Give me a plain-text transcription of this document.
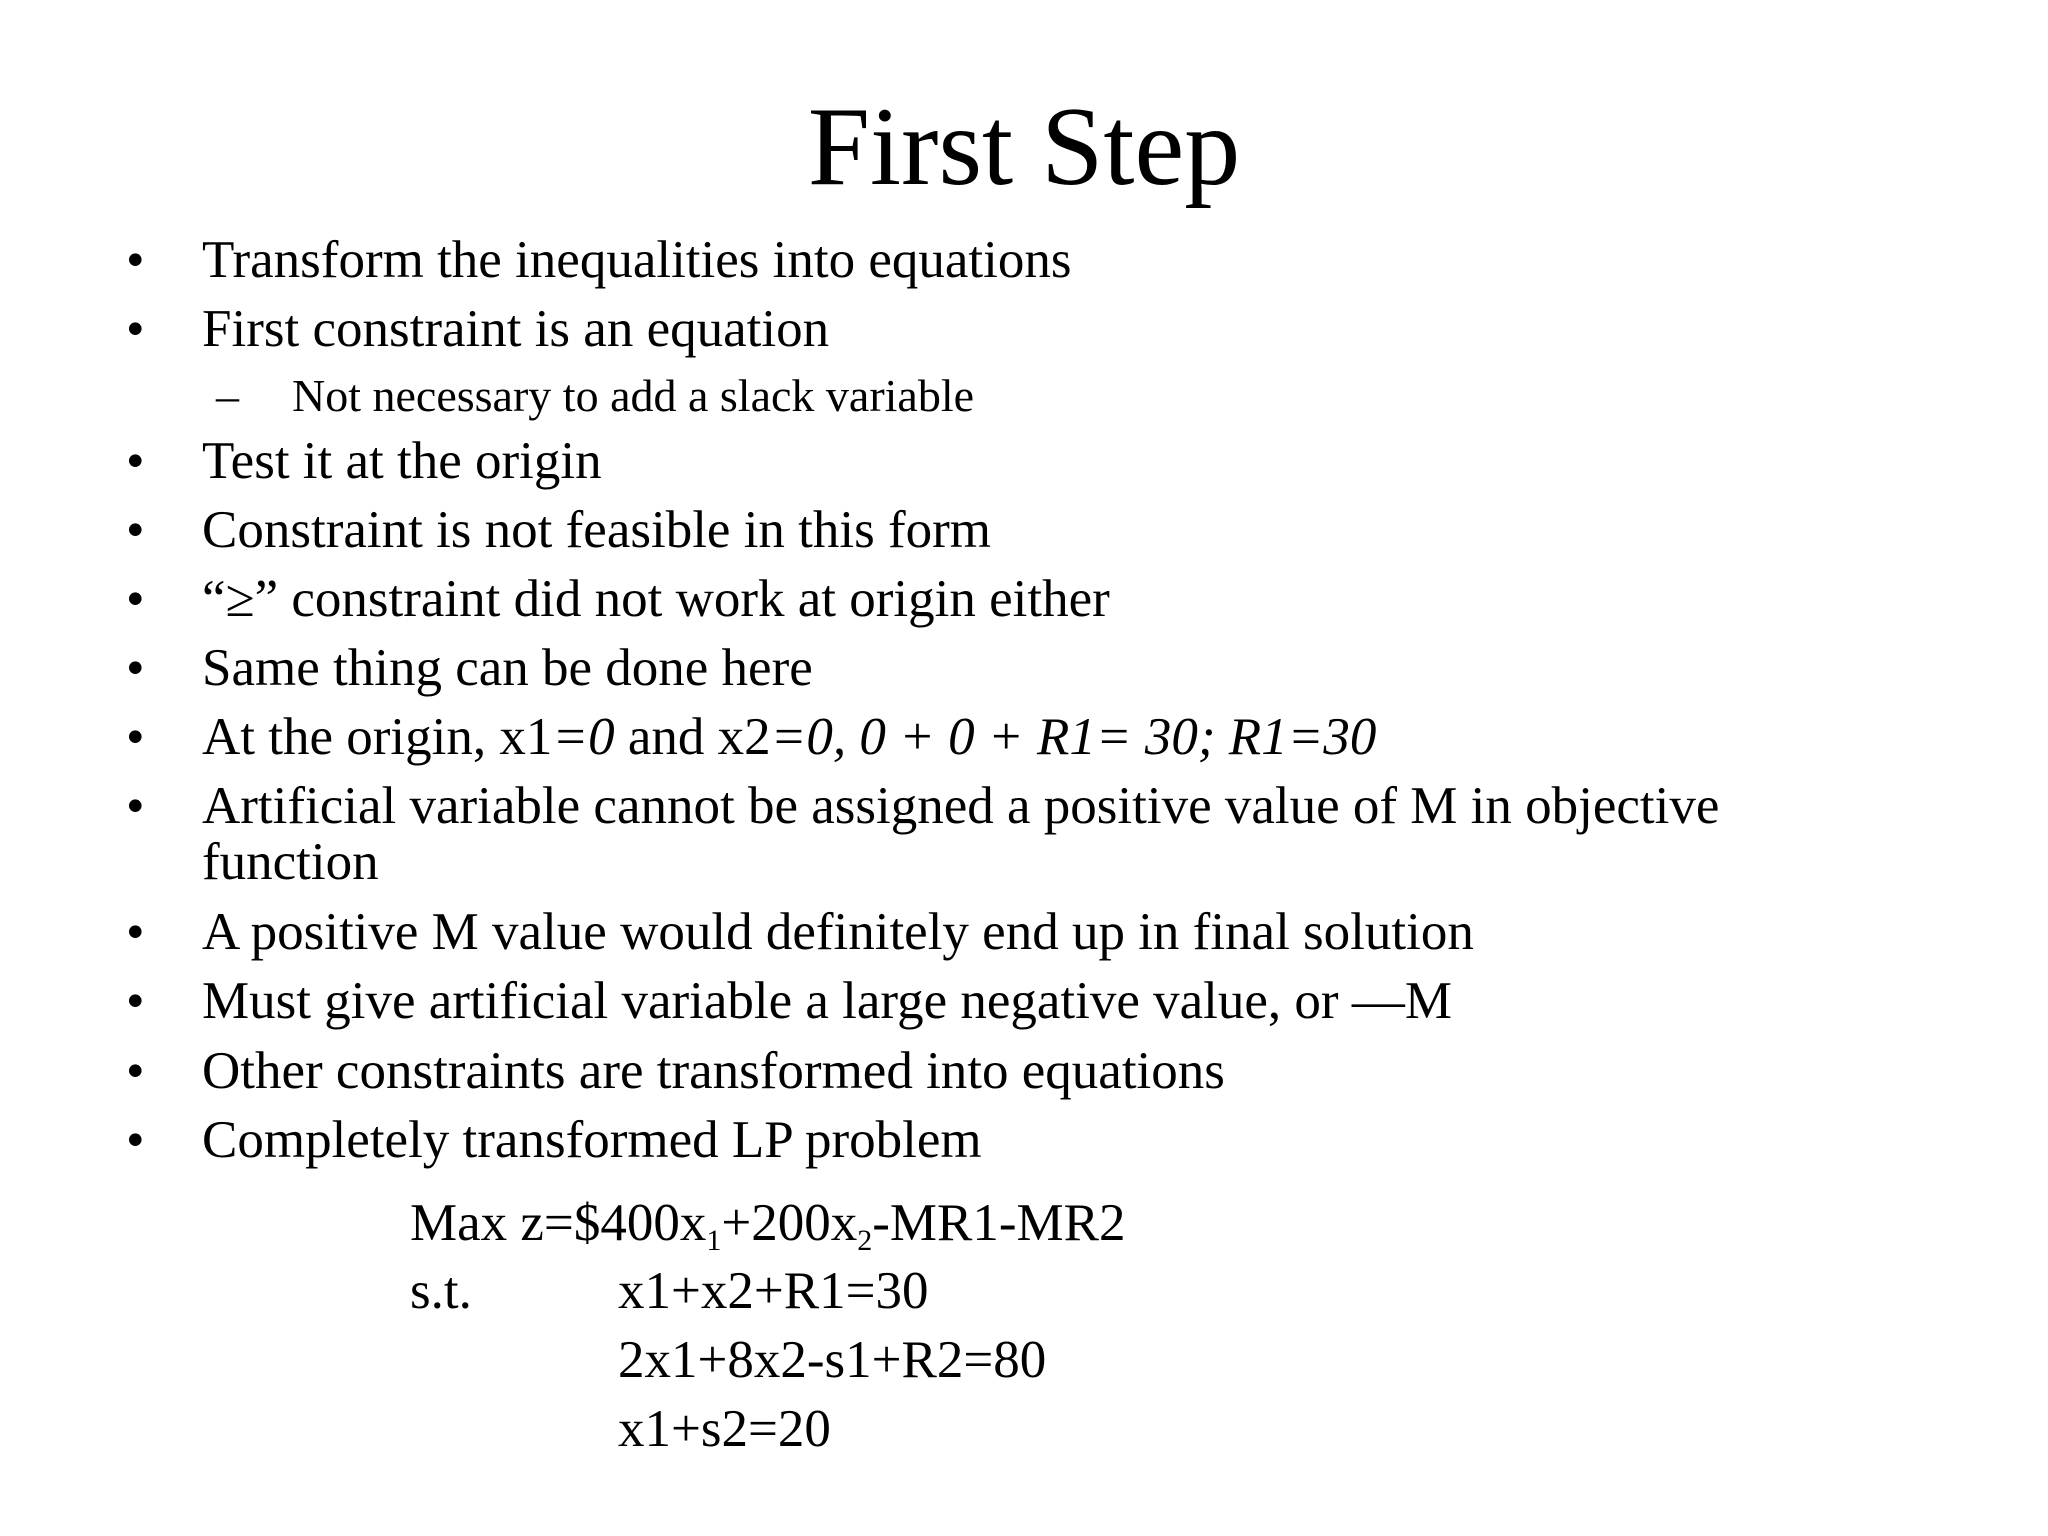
First Step
• Transform the inequalities into equations
• First constraint is an equation
– Not necessary to add a slack variable
• Test it at the origin
• Constraint is not feasible in this form
• “≥” constraint did not work at origin either
• Same thing can be done here
• At the origin, x1=0 and x2=0, 0 + 0 + R1= 30; R1=30
• Artificial variable cannot be assigned a positive value of M in objective function
• A positive M value would definitely end up in final solution
• Must give artificial variable a large negative value, or —M
• Other constraints are transformed into equations
• Completely transformed LP problem
Max $z=\$400x_1+200x_2-MR1-MR2$
s.t.	x1+x2+R1=30
2x1+8x2-s1+R2=80
x1+s2=20
